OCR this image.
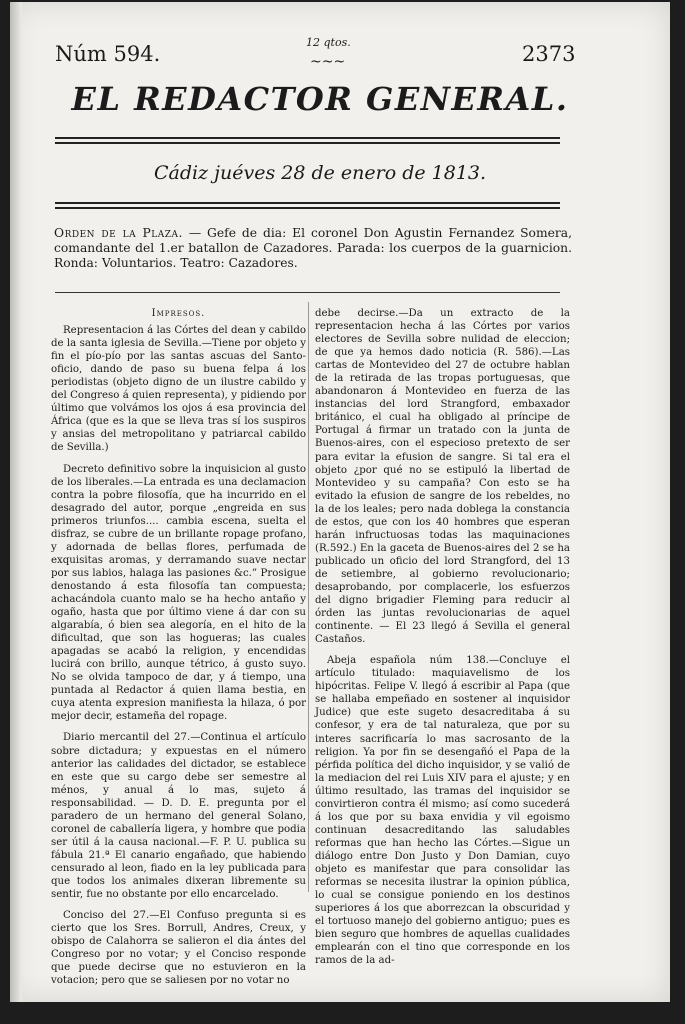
Núm 594.	12 qtos.
~~~	2373
EL REDACTOR GENERAL.
Cádiz juéves 28 de enero de 1813.
Orden de la Plaza. — Gefe de dia: El coronel Don Agustin Fernandez Somera, comandante del 1.er batallon de Cazadores. Parada: los cuerpos de la guarnicion. Ronda: Voluntarios. Teatro: Cazadores.
Impresos.

Representacion á las Córtes del dean y cabildo de la santa iglesia de Sevilla.—Tiene por objeto y fin el pío-pío por las santas ascuas del Santo-oficio, dando de paso su buena felpa á los periodistas (objeto digno de un ilustre cabildo y del Congreso á quien representa), y pidiendo por último que volvámos los ojos á esa provincia del África (que es la que se lleva tras sí los suspiros y ansias del metropolitano y patriarcal cabildo de Sevilla.)

Decreto definitivo sobre la inquisicion al gusto de los liberales.—La entrada es una declamacion contra la pobre filosofía, que ha incurrido en el desagrado del autor, porque „engreida en sus primeros triunfos.... cambia escena, suelta el disfraz, se cubre de un brillante ropage profano, y adornada de bellas flores, perfumada de exquisitas aromas, y derramando suave nectar por sus labios, halaga las pasiones &c.” Prosigue denostando á esta filosofía tan compuesta; achacándola cuanto malo se ha hecho antaño y ogaño, hasta que por último viene á dar con su algarabía, ó bien sea alegoría, en el hito de la dificultad, que son las hogueras; las cuales apagadas se acabó la religion, y encendidas lucirá con brillo, aunque tétrico, á gusto suyo. No se olvida tampoco de dar, y á tiempo, una puntada al Redactor á quien llama bestia, en cuya atenta expresion manifiesta la hilaza, ó por mejor decir, estameña del ropage.

Diario mercantil del 27.—Continua el artículo sobre dictadura; y expuestas en el número anterior las calidades del dictador, se establece en este que su cargo debe ser semestre al ménos, y anual á lo mas, sujeto á responsabilidad. — D. D. E. pregunta por el paradero de un hermano del general Solano, coronel de caballería ligera, y hombre que podia ser útil á la causa nacional.—F. P. U. publica su fábula 21.ª El canario engañado, que habiendo censurado al leon, fiado en la ley publicada para que todos los animales dixeran libremente su sentir, fue no obstante por ello encarcelado.

Conciso del 27.—El Confuso pregunta si es cierto que los Sres. Borrull, Andres, Creux, y obispo de Calahorra se salieron el dia ántes del Congreso por no votar; y el Conciso responde que puede decirse que no estuvieron en la votacion; pero que se saliesen por no votar no

debe decirse.—Da un extracto de la representacion hecha á las Córtes por varios electores de Sevilla sobre nulidad de eleccion; de que ya hemos dado noticia (R. 586).—Las cartas de Montevideo del 27 de octubre hablan de la retirada de las tropas portuguesas, que abandonaron á Montevideo en fuerza de las instancias del lord Strangford, embaxador británico, el cual ha obligado al príncipe de Portugal á firmar un tratado con la junta de Buenos-aires, con el especioso pretexto de ser para evitar la efusion de sangre. Si tal era el objeto ¿por qué no se estipuló la libertad de Montevideo y su campaña? Con esto se ha evitado la efusion de sangre de los rebeldes, no la de los leales; pero nada doblega la constancia de estos, que con los 40 hombres que esperan harán infructuosas todas las maquinaciones (R.592.) En la gaceta de Buenos-aires del 2 se ha publicado un oficio del lord Strangford, del 13 de setiembre, al gobierno revolucionario; desaprobando, por complacerle, los esfuerzos del digno brigadier Fleming para reducir al órden las juntas revolucionarias de aquel continente. — El 23 llegó á Sevilla el general Castaños.

Abeja española núm 138.—Concluye el artículo titulado: maquiavelismo de los hipócritas. Felipe V. llegó á escribir al Papa (que se hallaba empeñado en sostener al inquisidor Judice) que este sugeto desacreditaba á su confesor, y era de tal naturaleza, que por su interes sacrificaría lo mas sacrosanto de la religion. Ya por fin se desengañó el Papa de la pérfida política del dicho inquisidor, y se valió de la mediacion del rei Luis XIV para el ajuste; y en último resultado, las tramas del inquisidor se convirtieron contra él mismo; así como sucederá á los que por su baxa envidia y vil egoismo continuan desacreditando las saludables reformas que han hecho las Córtes.—Sigue un diálogo entre Don Justo y Don Damian, cuyo objeto es manifestar que para consolidar las reformas se necesita ilustrar la opinion pública, lo cual se consigue poniendo en los destinos superiores á los que aborrezcan la obscuridad y el tortuoso manejo del gobierno antiguo; pues es bien seguro que hombres de aquellas cualidades emplearán con el tino que corresponde en los ramos de la ad-
